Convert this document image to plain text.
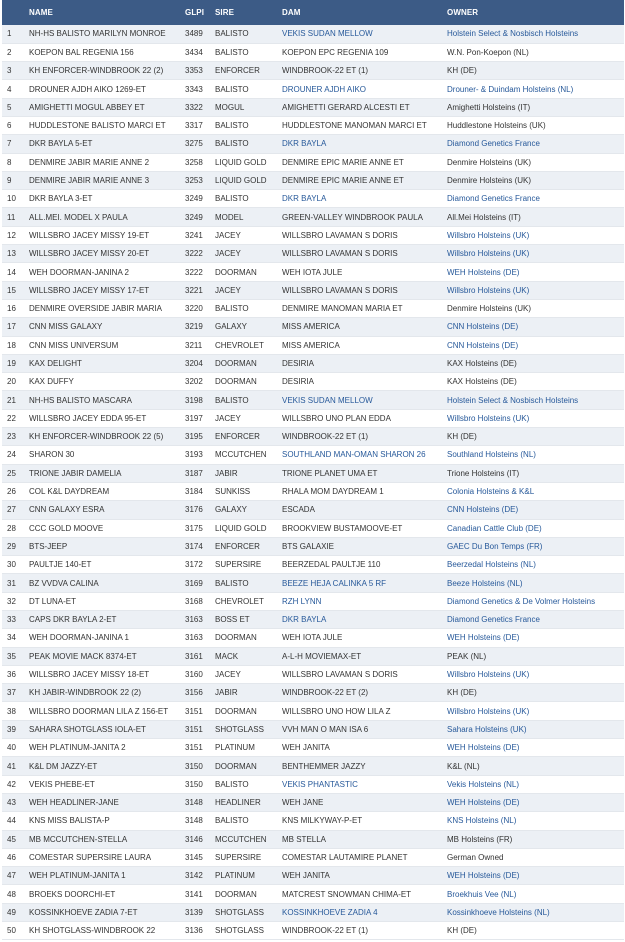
	NAME	GLPI	SIRE	DAM	OWNER
1	NH-HS BALISTO MARILYN MONROE	3489	BALISTO	VEKIS SUDAN MELLOW	Holstein Select & Nosbisch Holsteins
2	KOEPON BAL REGENIA 156	3434	BALISTO	KOEPON EPC REGENIA 109	W.N. Pon-Koepon (NL)
3	KH ENFORCER-WINDBROOK 22 (2)	3353	ENFORCER	WINDBROOK-22 ET (1)	KH (DE)
4	DROUNER AJDH AIKO 1269-ET	3343	BALISTO	DROUNER AJDH AIKO	Drouner- & Duindam Holsteins (NL)
5	AMIGHETTI MOGUL ABBEY ET	3322	MOGUL	AMIGHETTI GERARD ALCESTI ET	Amighetti Holsteins (IT)
6	HUDDLESTONE BALISTO MARCI ET	3317	BALISTO	HUDDLESTONE MANOMAN MARCI ET	Huddlestone Holsteins (UK)
7	DKR BAYLA 5-ET	3275	BALISTO	DKR BAYLA	Diamond Genetics France
8	DENMIRE JABIR MARIE ANNE 2	3258	LIQUID GOLD	DENMIRE EPIC MARIE ANNE ET	Denmire Holsteins (UK)
9	DENMIRE JABIR MARIE ANNE 3	3253	LIQUID GOLD	DENMIRE EPIC MARIE ANNE ET	Denmire Holsteins (UK)
10	DKR BAYLA 3-ET	3249	BALISTO	DKR BAYLA	Diamond Genetics France
11	ALL.MEI. MODEL X PAULA	3249	MODEL	GREEN-VALLEY WINDBROOK PAULA	All.Mei Holsteins (IT)
12	WILLSBRO JACEY MISSY 19-ET	3241	JACEY	WILLSBRO LAVAMAN S DORIS	Willsbro Holsteins (UK)
13	WILLSBRO JACEY MISSY 20-ET	3222	JACEY	WILLSBRO LAVAMAN S DORIS	Willsbro Holsteins (UK)
14	WEH DOORMAN-JANINA 2	3222	DOORMAN	WEH IOTA JULE	WEH Holsteins (DE)
15	WILLSBRO JACEY MISSY 17-ET	3221	JACEY	WILLSBRO LAVAMAN S DORIS	Willsbro Holsteins (UK)
16	DENMIRE OVERSIDE JABIR MARIA	3220	BALISTO	DENMIRE MANOMAN MARIA ET	Denmire Holsteins (UK)
17	CNN MISS GALAXY	3219	GALAXY	MISS AMERICA	CNN Holsteins (DE)
18	CNN MISS UNIVERSUM	3211	CHEVROLET	MISS AMERICA	CNN Holsteins (DE)
19	KAX DELIGHT	3204	DOORMAN	DESIRIA	KAX Holsteins (DE)
20	KAX DUFFY	3202	DOORMAN	DESIRIA	KAX Holsteins (DE)
21	NH-HS BALISTO MASCARA	3198	BALISTO	VEKIS SUDAN MELLOW	Holstein Select & Nosbisch Holsteins
22	WILLSBRO JACEY EDDA 95-ET	3197	JACEY	WILLSBRO UNO PLAN EDDA	Willsbro Holsteins (UK)
23	KH ENFORCER-WINDBROOK 22 (5)	3195	ENFORCER	WINDBROOK-22 ET (1)	KH (DE)
24	SHARON 30	3193	MCCUTCHEN	SOUTHLAND MAN-OMAN SHARON 26	Southland Holsteins (NL)
25	TRIONE JABIR DAMELIA	3187	JABIR	TRIONE PLANET UMA ET	Trione Holsteins (IT)
26	COL K&L DAYDREAM	3184	SUNKISS	RHALA MOM DAYDREAM 1	Colonia Holsteins & K&L
27	CNN GALAXY ESRA	3176	GALAXY	ESCADA	CNN Holsteins (DE)
28	CCC GOLD MOOVE	3175	LIQUID GOLD	BROOKVIEW BUSTAMOOVE-ET	Canadian Cattle Club (DE)
29	BTS-JEEP	3174	ENFORCER	BTS GALAXIE	GAEC Du Bon Temps (FR)
30	PAULTJE 140-ET	3172	SUPERSIRE	BEERZEDAL PAULTJE 110	Beerzedal Holsteins (NL)
31	BZ VVDVA CALINA	3169	BALISTO	BEEZE HEJA CALINKA 5 RF	Beeze Holsteins (NL)
32	DT LUNA-ET	3168	CHEVROLET	RZH LYNN	Diamond Genetics & De Volmer Holsteins
33	CAPS DKR BAYLA 2-ET	3163	BOSS ET	DKR BAYLA	Diamond Genetics France
34	WEH DOORMAN-JANINA 1	3163	DOORMAN	WEH IOTA JULE	WEH Holsteins (DE)
35	PEAK MOVIE MACK 8374-ET	3161	MACK	A-L-H MOVIEMAX-ET	PEAK (NL)
36	WILLSBRO JACEY MISSY 18-ET	3160	JACEY	WILLSBRO LAVAMAN S DORIS	Willsbro Holsteins (UK)
37	KH JABIR-WINDBROOK 22 (2)	3156	JABIR	WINDBROOK-22 ET (2)	KH (DE)
38	WILLSBRO DOORMAN LILA Z 156-ET	3151	DOORMAN	WILLSBRO UNO HOW LILA Z	Willsbro Holsteins (UK)
39	SAHARA SHOTGLASS IOLA-ET	3151	SHOTGLASS	VVH MAN O MAN ISA 6	Sahara Holsteins (UK)
40	WEH PLATINUM-JANITA 2	3151	PLATINUM	WEH JANITA	WEH Holsteins (DE)
41	K&L DM JAZZY-ET	3150	DOORMAN	BENTHEMMER JAZZY	K&L (NL)
42	VEKIS PHEBE-ET	3150	BALISTO	VEKIS PHANTASTIC	Vekis Holsteins (NL)
43	WEH HEADLINER-JANE	3148	HEADLINER	WEH JANE	WEH Holsteins (DE)
44	KNS MISS BALISTA-P	3148	BALISTO	KNS MILKYWAY-P-ET	KNS Holsteins (NL)
45	MB MCCUTCHEN-STELLA	3146	MCCUTCHEN	MB STELLA	MB Holsteins (FR)
46	COMESTAR SUPERSIRE LAURA	3145	SUPERSIRE	COMESTAR LAUTAMIRE PLANET	German Owned
47	WEH PLATINUM-JANITA 1	3142	PLATINUM	WEH JANITA	WEH Holsteins (DE)
48	BROEKS DOORCHI-ET	3141	DOORMAN	MATCREST SNOWMAN CHIMA-ET	Broekhuis Vee (NL)
49	KOSSINKHOEVE ZADIA 7-ET	3139	SHOTGLASS	KOSSINKHOEVE ZADIA 4	Kossinkhoeve Holsteins (NL)
50	KH SHOTGLASS-WINDBROOK 22	3136	SHOTGLASS	WINDBROOK-22 ET (1)	KH (DE)
